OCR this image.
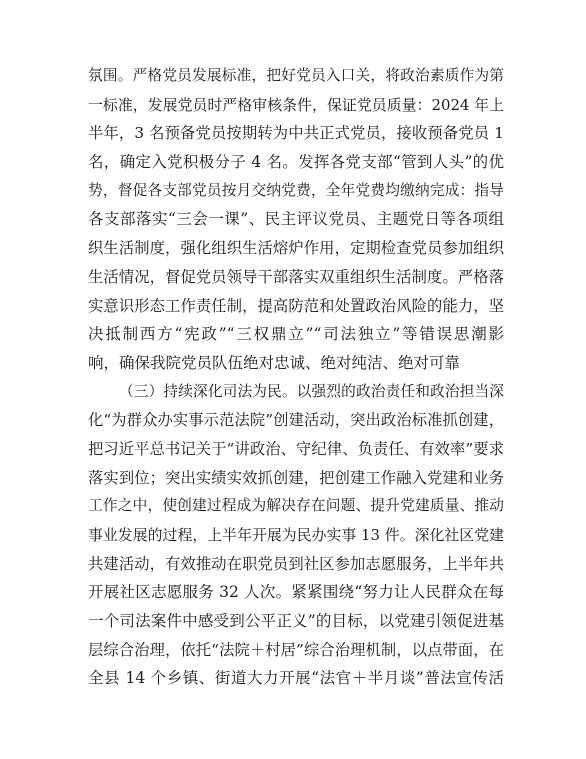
氛围。严格党员发展标准，把好党员入口关，将政治素质作为第
一标准，发展党员时严格审核条件，保证党员质量：2024 年上
半年，3 名预备党员按期转为中共正式党员，接收预备党员 1
名，确定入党积极分子 4 名。发挥各党支部“管到人头”的优
势，督促各支部党员按月交纳党费，全年党费均缴纳完成：指导
各支部落实“三会一课”、民主评议党员、主题党日等各项组
织生活制度，强化组织生活熔炉作用，定期检查党员参加组织
生活情况，督促党员领导干部落实双重组织生活制度。严格落
实意识形态工作责任制，提高防范和处置政治风险的能力，坚
决抵制西方“宪政”“三权鼎立”“司法独立”等错误思潮影
响，确保我院党员队伍绝对忠诚、绝对纯洁、绝对可靠
（三）持续深化司法为民。以强烈的政治责任和政治担当深
化“为群众办实事示范法院”创建活动，突出政治标准抓创建，
把习近平总书记关于“讲政治、守纪律、负责任、有效率”要求
落实到位；突出实绩实效抓创建，把创建工作融入党建和业务
工作之中，使创建过程成为解决存在问题、提升党建质量、推动
事业发展的过程，上半年开展为民办实事 13 件。深化社区党建
共建活动，有效推动在职党员到社区参加志愿服务，上半年共
开展社区志愿服务 32 人次。紧紧围绕“努力让人民群众在每
一个司法案件中感受到公平正义”的目标，以党建引领促进基
层综合治理，依托“法院＋村居”综合治理机制，以点带面，在
全县 14 个乡镇、街道大力开展“法官＋半月谈”普法宣传活
